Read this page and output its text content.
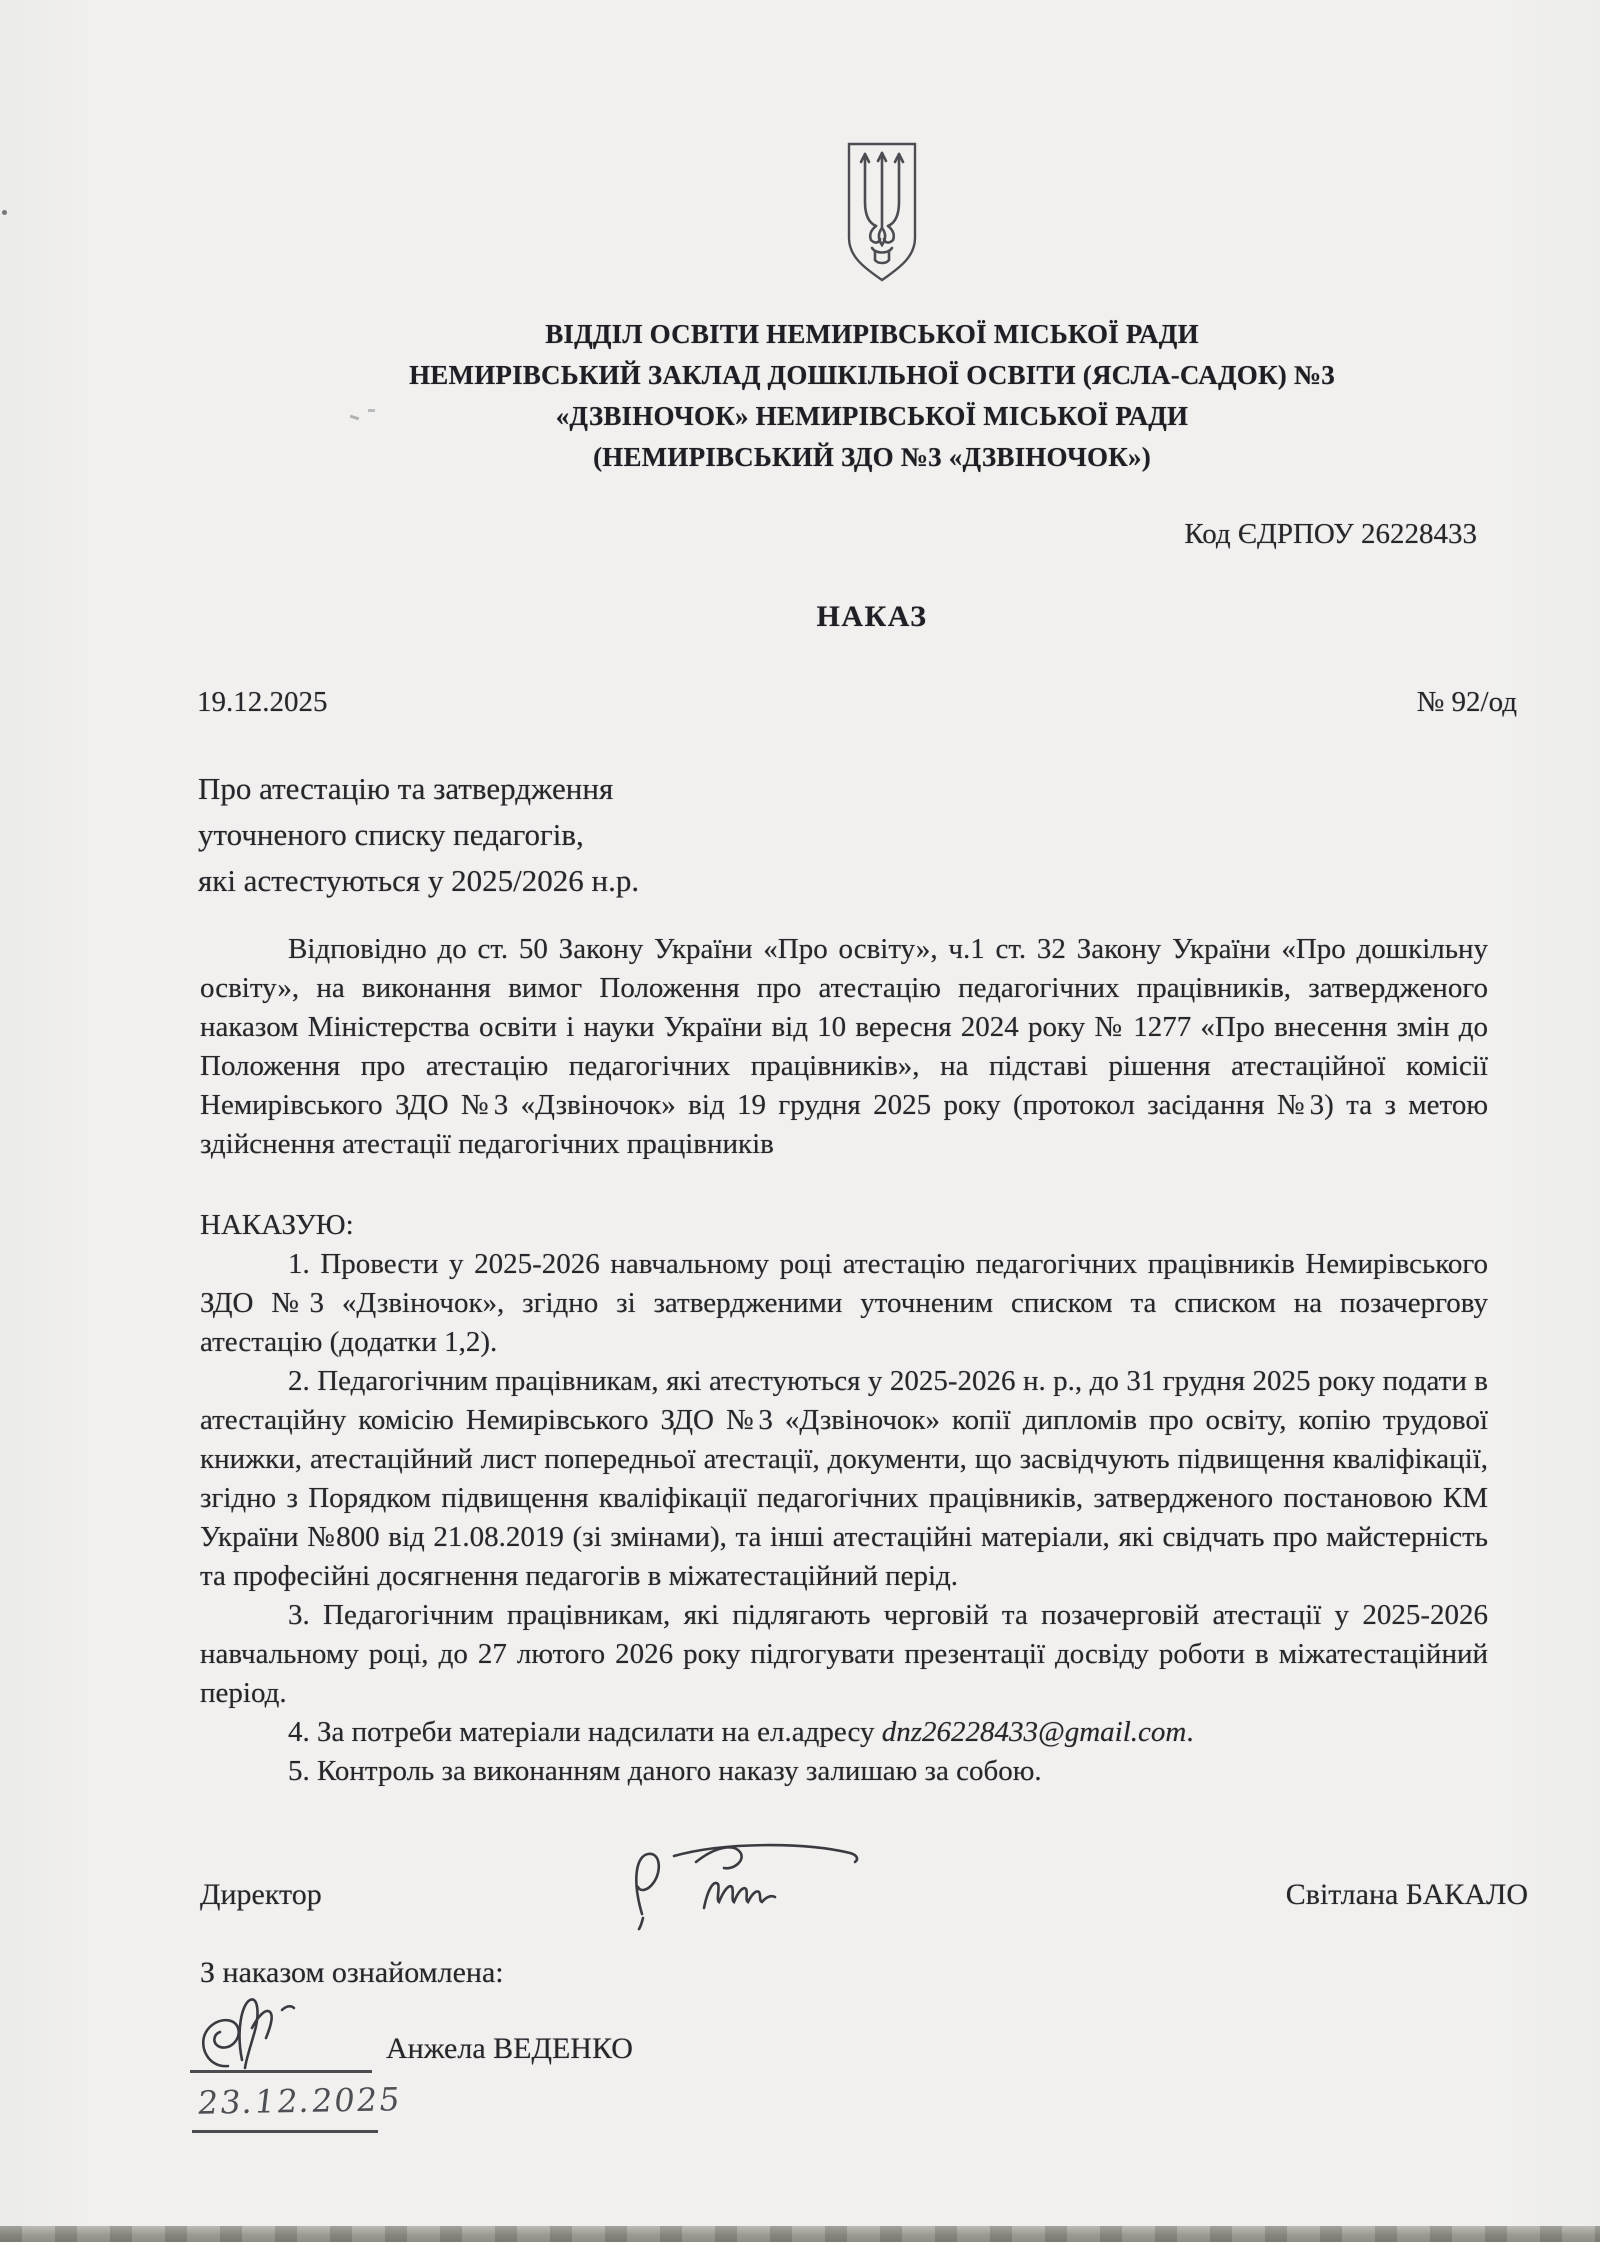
ВІДДІЛ ОСВІТИ НЕМИРІВСЬКОЇ МІСЬКОЇ РАДИ
НЕМИРІВСЬКИЙ ЗАКЛАД ДОШКІЛЬНОЇ ОСВІТИ (ЯСЛА-САДОК) №3
«ДЗВІНОЧОК» НЕМИРІВСЬКОЇ МІСЬКОЇ РАДИ
(НЕМИРІВСЬКИЙ ЗДО №3 «ДЗВІНОЧОК»)
Код ЄДРПОУ 26228433
НАКАЗ
19.12.2025	№ 92/од
Про атестацію та затвердження
уточненого списку педагогів,
які астестуються у 2025/2026 н.р.

Відповідно до ст. 50 Закону України «Про освіту», ч.1 ст. 32 Закону України «Про дошкільну освіту», на виконання вимог Положення про атестацію педагогічних працівників, затвердженого наказом Міністерства освіти і науки України від 10 вересня 2024 року № 1277 «Про внесення змін до Положення про атестацію педагогічних працівників», на підставі рішення атестаційної комісії Немирівського ЗДО №3 «Дзвіночок» від 19 грудня 2025 року (протокол засідання №3) та з метою здійснення атестації педагогічних працівників

НАКАЗУЮ:

1. Провести у 2025-2026 навчальному році атестацію педагогічних працівників Немирівського ЗДО №3 «Дзвіночок», згідно зі затвердженими уточненим списком та списком на позачергову атестацію (додатки 1,2).

2. Педагогічним працівникам, які атестуються у 2025-2026 н. р., до 31 грудня 2025 року подати в атестаційну комісію Немирівського ЗДО №3 «Дзвіночок» копії дипломів про освіту, копію трудової книжки, атестаційний лист попередньої атестації, документи, що засвідчують підвищення кваліфікації, згідно з Порядком підвищення кваліфікації педагогічних працівників, затвердженого постановою КМ України №800 від 21.08.2019 (зі змінами), та інші атестаційні матеріали, які свідчать про майстерність та професійні досягнення педагогів в міжатестаційний перід.

3. Педагогічним працівникам, які підлягають черговій та позачерговій атестації у 2025-2026 навчальному році, до 27 лютого 2026 року підгогувати презентації досвіду роботи в міжатестаційний період.

4. За потреби матеріали надсилати на ел.адресу dnz26228433@gmail.com.

5. Контроль за виконанням даного наказу залишаю за собою.

Директор	Світлана БАКАЛО
З наказом ознайомлена:
Анжела ВЕДЕНКО
23.12.2025
